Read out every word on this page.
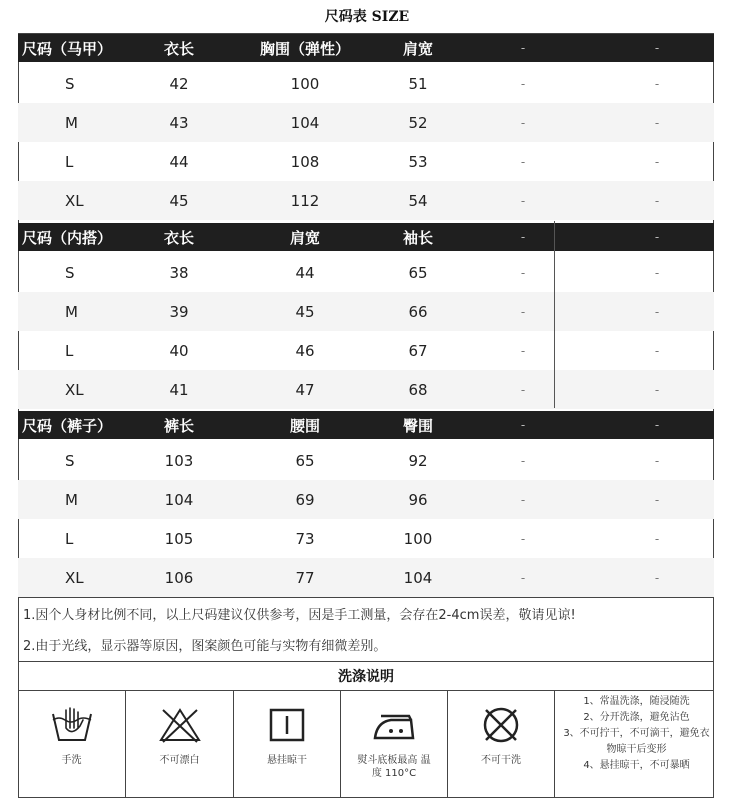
尺码表 SIZE
尺码（马甲）	衣长	胸围（弹性）	肩宽	-	-
S	42	100	51	-	-
M	43	104	52	-	-
L	44	108	53	-	-
XL	45	112	54	-	-
尺码（内搭）	衣长	肩宽	袖长	-	-
S	38	44	65	-	-
M	39	45	66	-	-
L	40	46	67	-	-
XL	41	47	68	-	-
尺码（裤子）	裤长	腰围	臀围	-	-
S	103	65	92	-	-
M	104	69	96	-	-
L	105	73	100	-	-
XL	106	77	104	-	-
1.因个人身材比例不同，以上尺码建议仅供参考，因是手工测量，会存在2-4cm误差，敬请见谅!
2.由于光线，显示器等原因，图案颜色可能与实物有细微差别。
洗涤说明
手洗	不可漂白	悬挂晾干	熨斗底板最高 温度 110°C
不可干洗
1、常温洗涤，随浸随洗
2、分开洗涤，避免沾色
3、不可拧干，不可滴干，避免衣物晾干后变形
4、悬挂晾干，不可暴晒
